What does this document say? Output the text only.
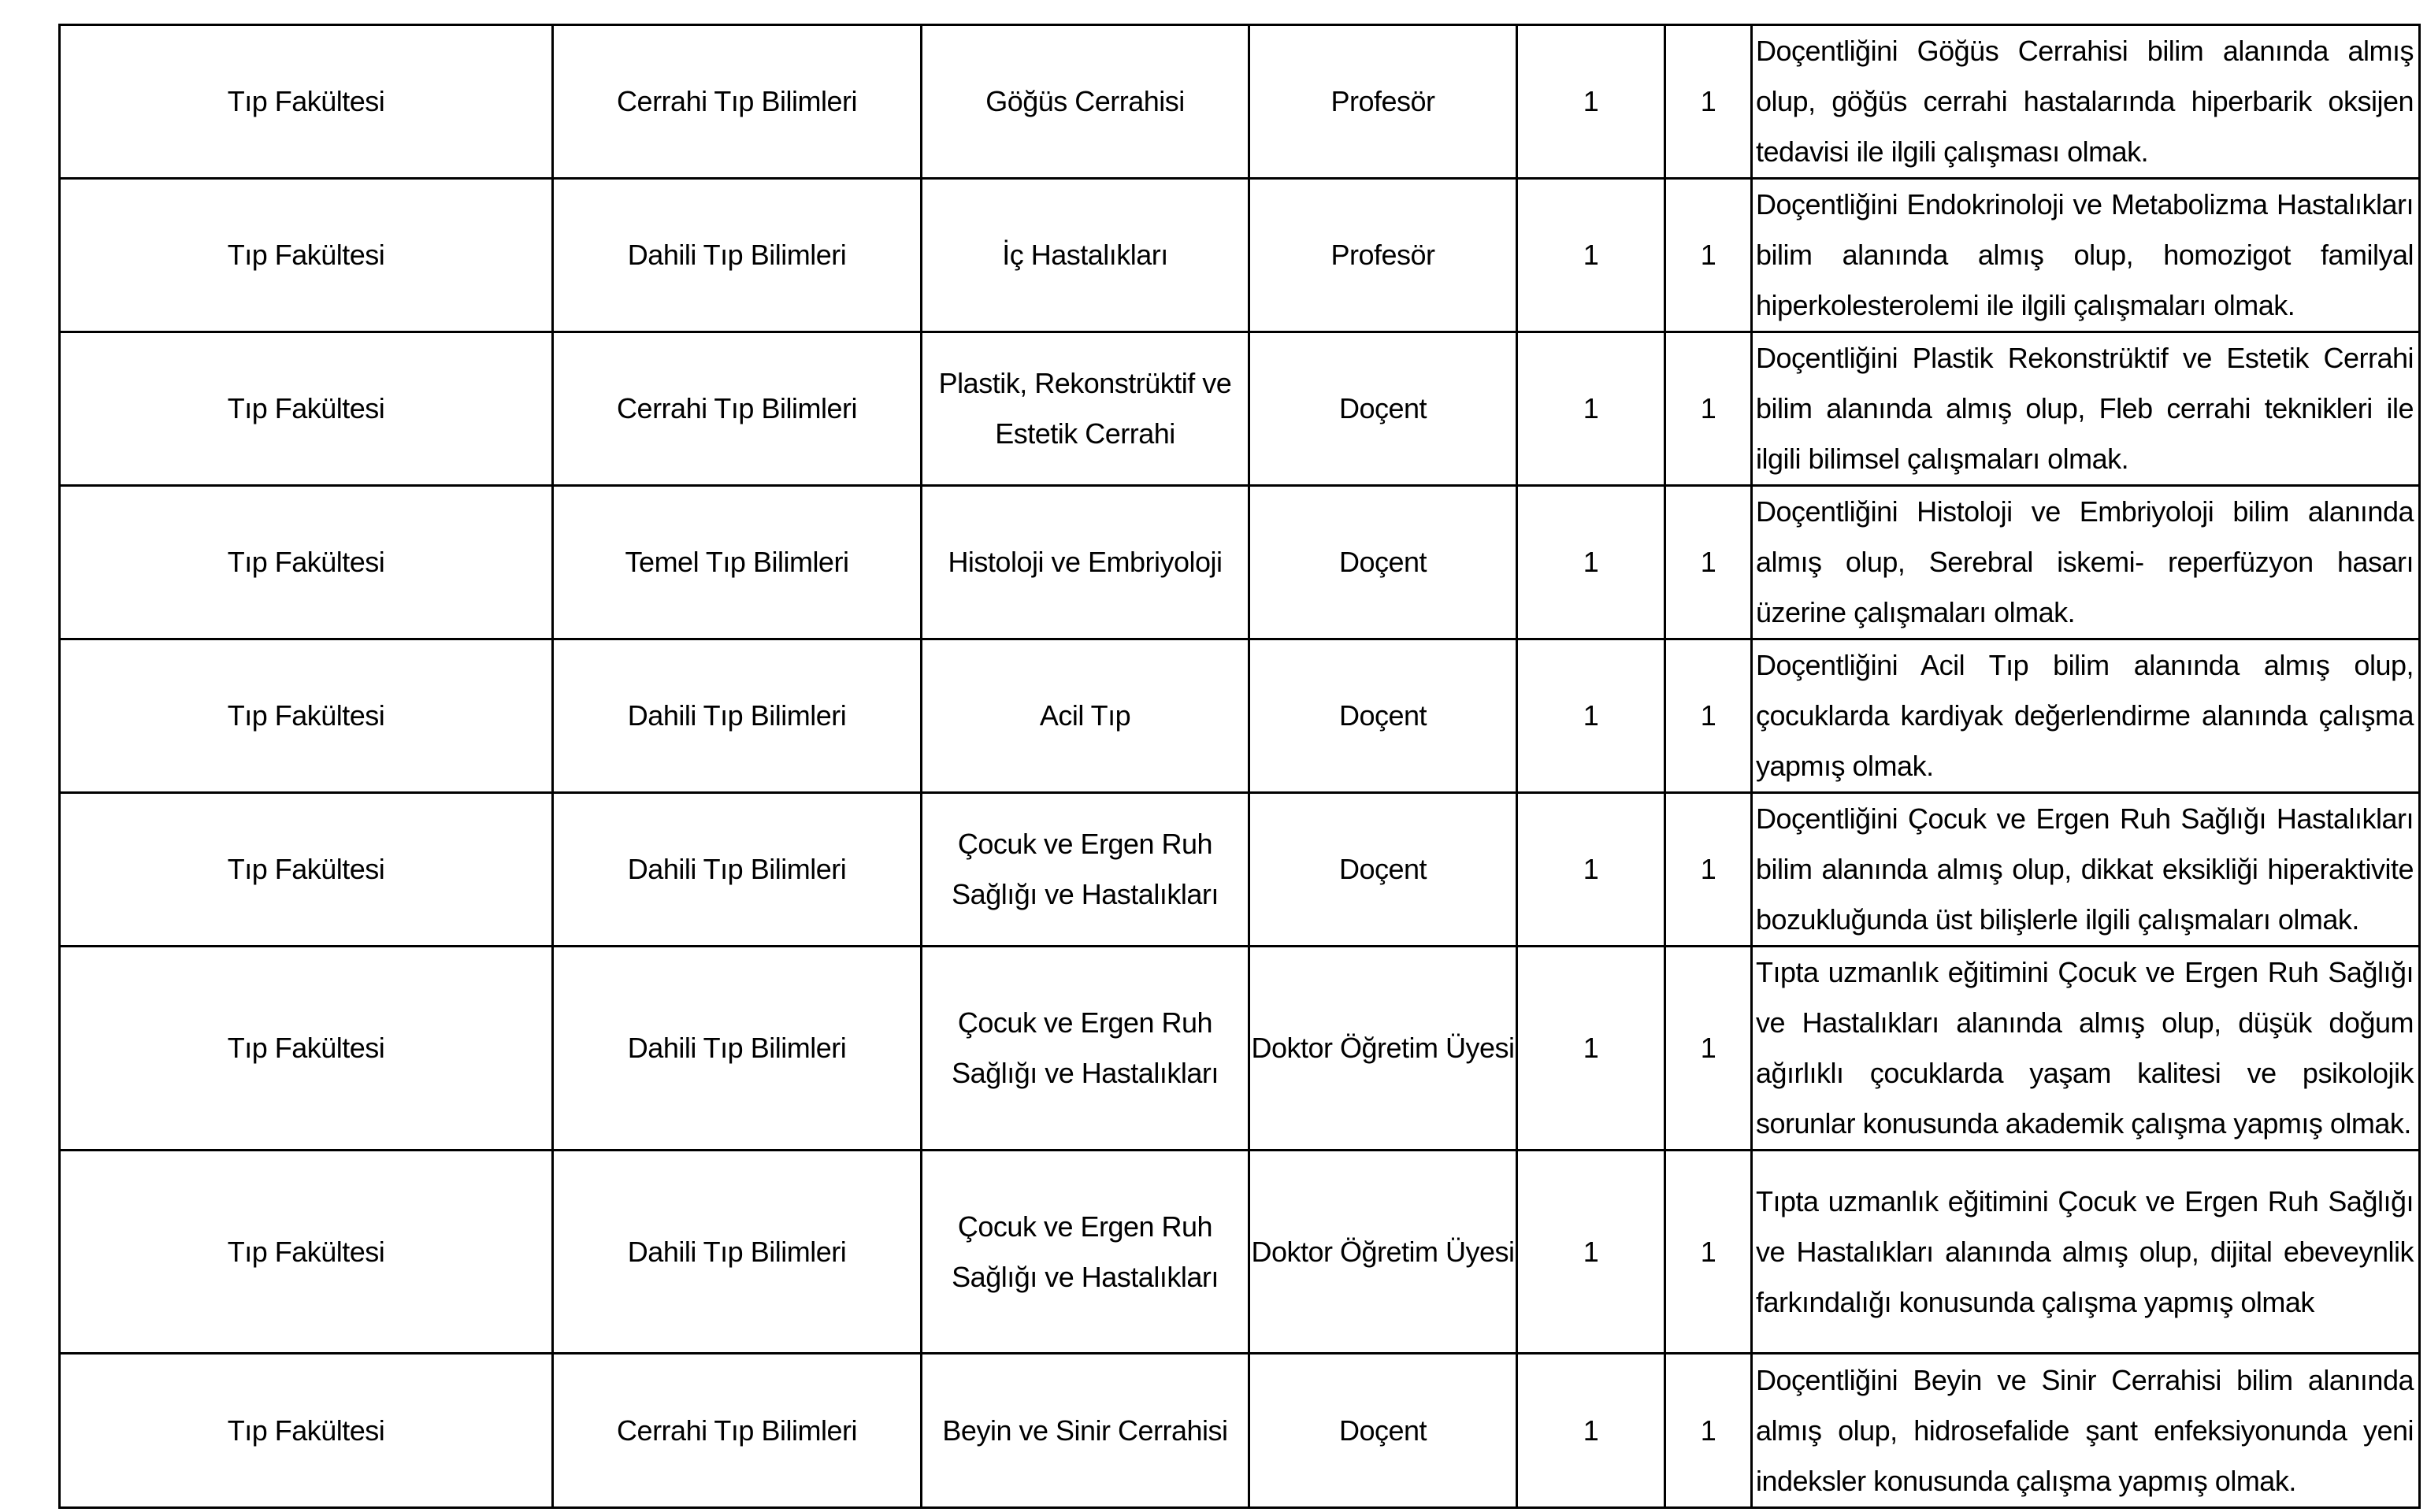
Tıp Fakültesi	Cerrahi Tıp Bilimleri	Göğüs Cerrahisi	Profesör	1	1	Doçentliğini Göğüs Cerrahisi bilim alanında almış olup, göğüs cerrahi hastalarında hiperbarik oksijen tedavisi ile ilgili çalışması olmak.
Tıp Fakültesi	Dahili Tıp Bilimleri	İç Hastalıkları	Profesör	1	1	Doçentliğini Endokrinoloji ve Metabolizma Hastalıkları bilim alanında almış olup, homozigot familyal hiperkolesterolemi ile ilgili çalışmaları olmak.
Tıp Fakültesi	Cerrahi Tıp Bilimleri	Plastik, Rekonstrüktif ve Estetik Cerrahi	Doçent	1	1	Doçentliğini Plastik Rekonstrüktif ve Estetik Cerrahi bilim alanında almış olup, Fleb cerrahi teknikleri ile ilgili bilimsel çalışmaları olmak.
Tıp Fakültesi	Temel Tıp Bilimleri	Histoloji ve Embriyoloji	Doçent	1	1	Doçentliğini Histoloji ve Embriyoloji bilim alanında almış olup, Serebral iskemi- reperfüzyon hasarı üzerine çalışmaları olmak.
Tıp Fakültesi	Dahili Tıp Bilimleri	Acil Tıp	Doçent	1	1	Doçentliğini Acil Tıp bilim alanında almış olup, çocuklarda kardiyak değerlendirme alanında çalışma yapmış olmak.
Tıp Fakültesi	Dahili Tıp Bilimleri	Çocuk ve Ergen Ruh Sağlığı ve Hastalıkları	Doçent	1	1	Doçentliğini Çocuk ve Ergen Ruh Sağlığı Hastalıkları bilim alanında almış olup, dikkat eksikliği hiperaktivite bozukluğunda üst bilişlerle ilgili çalışmaları olmak.
Tıp Fakültesi	Dahili Tıp Bilimleri	Çocuk ve Ergen Ruh Sağlığı ve Hastalıkları	Doktor Öğretim Üyesi	1	1	Tıpta uzmanlık eğitimini Çocuk ve Ergen Ruh Sağlığı ve Hastalıkları alanında almış olup, düşük doğum ağırlıklı çocuklarda yaşam kalitesi ve psikolojik sorunlar konusunda akademik çalışma yapmış olmak.
Tıp Fakültesi	Dahili Tıp Bilimleri	Çocuk ve Ergen Ruh Sağlığı ve Hastalıkları	Doktor Öğretim Üyesi	1	1	Tıpta uzmanlık eğitimini Çocuk ve Ergen Ruh Sağlığı ve Hastalıkları alanında almış olup, dijital ebeveynlik farkındalığı konusunda çalışma yapmış olmak
Tıp Fakültesi	Cerrahi Tıp Bilimleri	Beyin ve Sinir Cerrahisi	Doçent	1	1	Doçentliğini Beyin ve Sinir Cerrahisi bilim alanında almış olup, hidrosefalide şant enfeksiyonunda yeni indeksler konusunda çalışma yapmış olmak.
